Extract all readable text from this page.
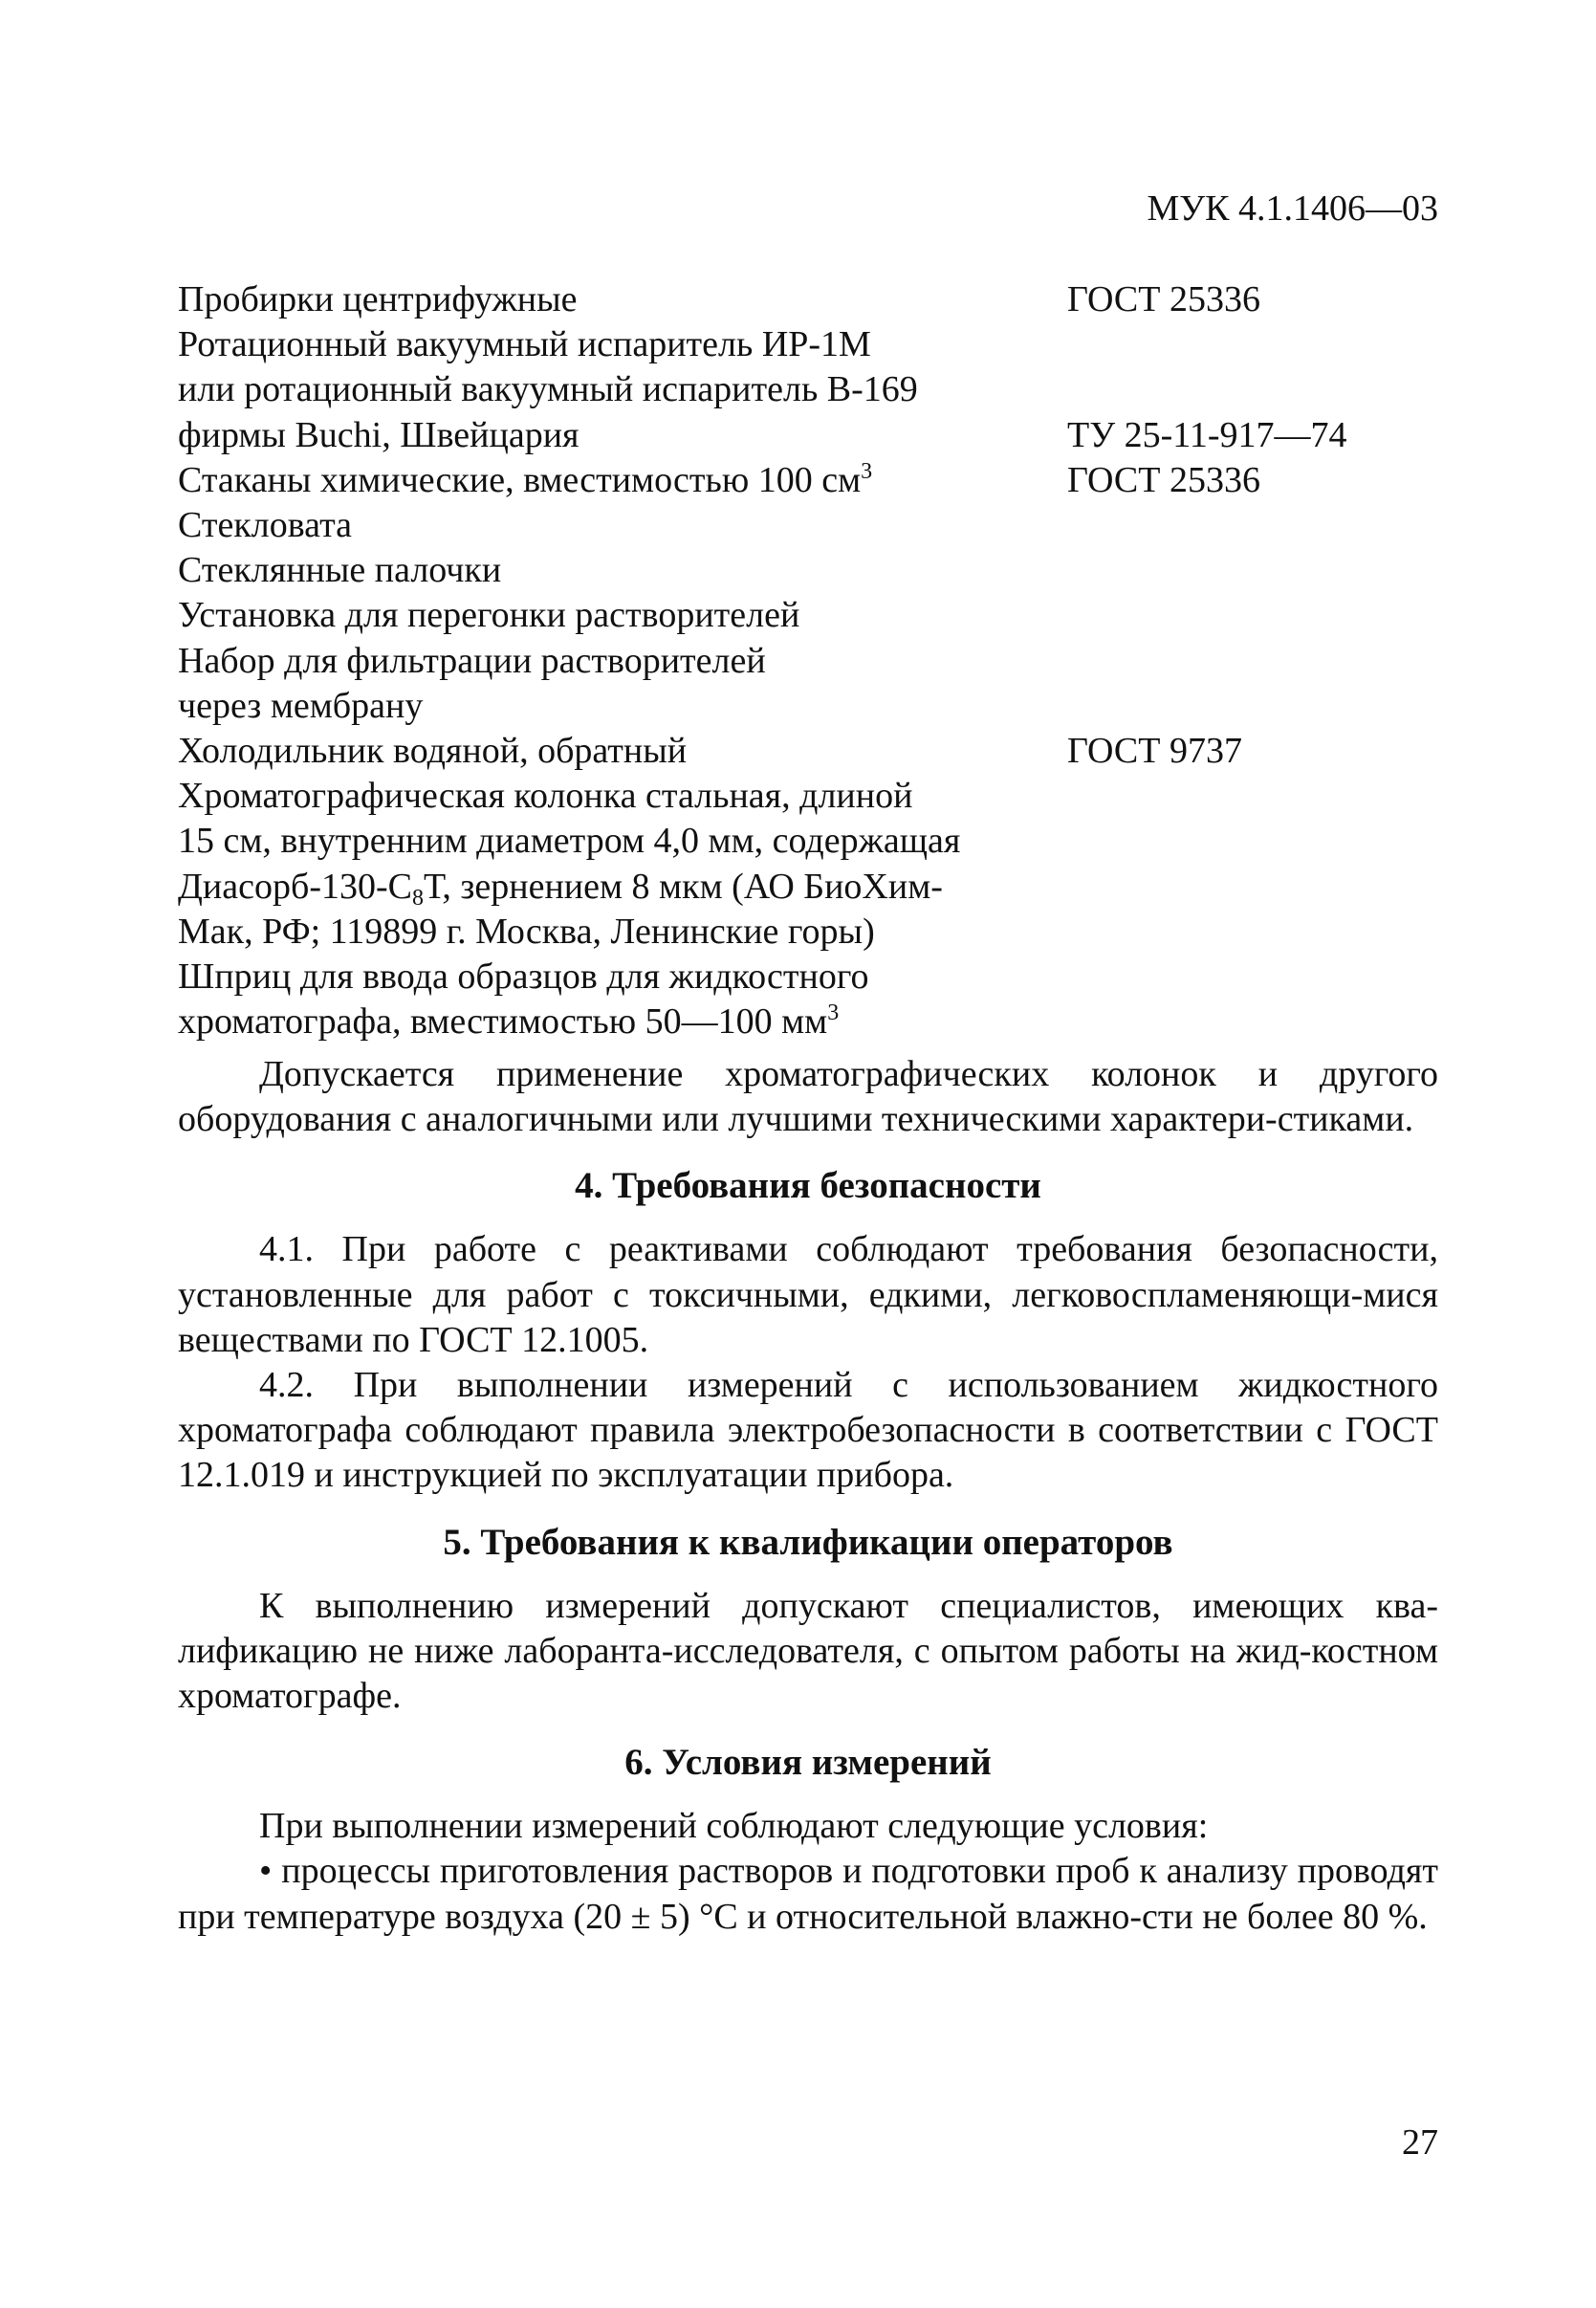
МУК 4.1.1406—03
Пробирки центрифужные	ГОСТ 25336
Ротационный вакуумный испаритель ИР-1М
или ротационный вакуумный испаритель В-169
фирмы Buchi, Швейцария	ТУ 25-11-917—74
Стаканы химические, вместимостью 100 $см^3$	ГОСТ 25336
Стекловата
Стеклянные палочки
Установка для перегонки растворителей
Набор для фильтрации растворителей
через мембрану
Холодильник водяной, обратный	ГОСТ 9737
Хроматографическая колонка стальная, длиной
15 см, внутренним диаметром 4,0 мм, содержащая
Диасорб-$130-С_8Т$, зернением 8 мкм (АО БиоХим-
Мак, РФ; 119899 г. Москва, Ленинские горы)
Шприц для ввода образцов для жидкостного
хроматографа, вместимостью 50—100 $мм^3$

Допускается применение хроматографических колонок и другого оборудования с аналогичными или лучшими техническими характери-стиками.

4. Требования безопасности

4.1. При работе с реактивами соблюдают требования безопасности, установленные для работ с токсичными, едкими, легковоспламеняющи-мися веществами по ГОСТ 12.1005.

4.2. При выполнении измерений с использованием жидкостного хроматографа соблюдают правила электробезопасности в соответствии с ГОСТ 12.1.019 и инструкцией по эксплуатации прибора.

5. Требования к квалификации операторов

К выполнению измерений допускают специалистов, имеющих ква-лификацию не ниже лаборанта-исследователя, с опытом работы на жид-костном хроматографе.

6. Условия измерений

При выполнении измерений соблюдают следующие условия:

• процессы приготовления растворов и подготовки проб к анализу проводят при температуре воздуха (20 ± 5) °С и относительной влажно-сти не более 80 %.

27
